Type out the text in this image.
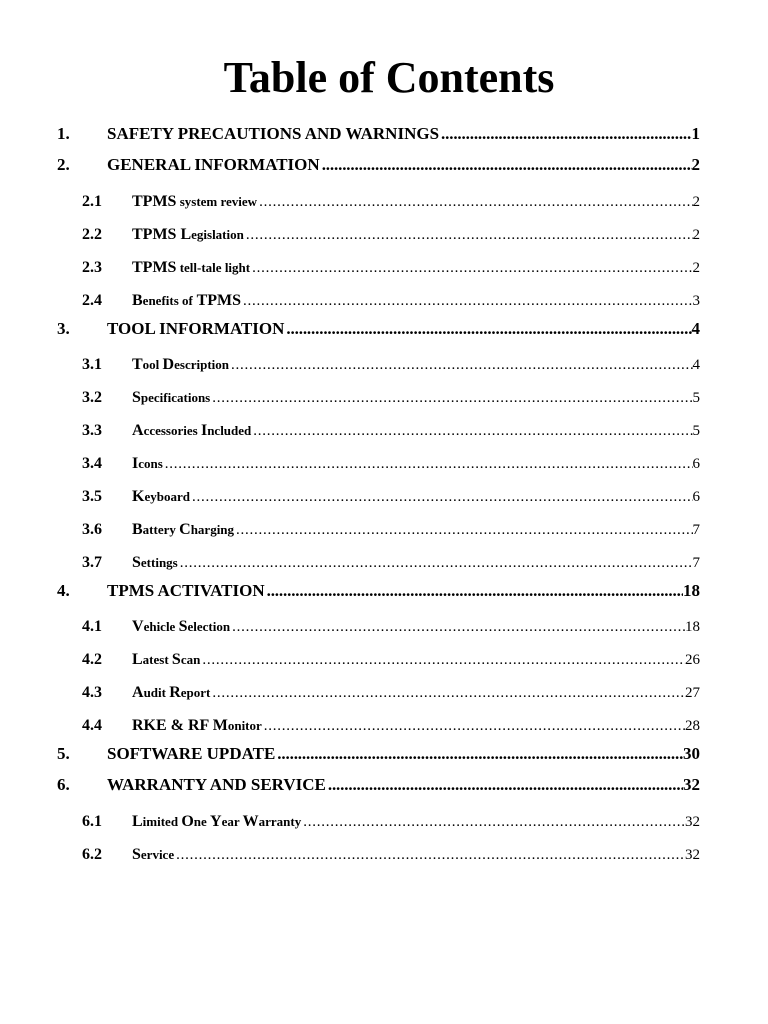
Table of Contents
1. SAFETY PRECAUTIONS AND WARNINGS . . .	1
2. GENERAL INFORMATION . . .	2
2.1 TPMS system review . . .	2
2.2 TPMS Legislation . . .	2
2.3 TPMS tell-tale light . . .	2
2.4 Benefits of TPMS . . .	3
3. TOOL INFORMATION . . .	4
3.1 Tool Description . . .	4
3.2 Specifications . . .	5
3.3 Accessories Included . . .	5
3.4 Icons . . .	6
3.5 Keyboard . . .	6
3.6 Battery Charging . . .	7
3.7 Settings . . .	7
4. TPMS ACTIVATION . . .	18
4.1 Vehicle Selection . . .	18
4.2 Latest Scan . . .	26
4.3 Audit Report . . .	27
4.4 RKE & RF Monitor . . .	28
5. SOFTWARE UPDATE . . .	30
6. WARRANTY AND SERVICE . . .	32
6.1 Limited One Year Warranty . . .	32
6.2 Service . . .	32
